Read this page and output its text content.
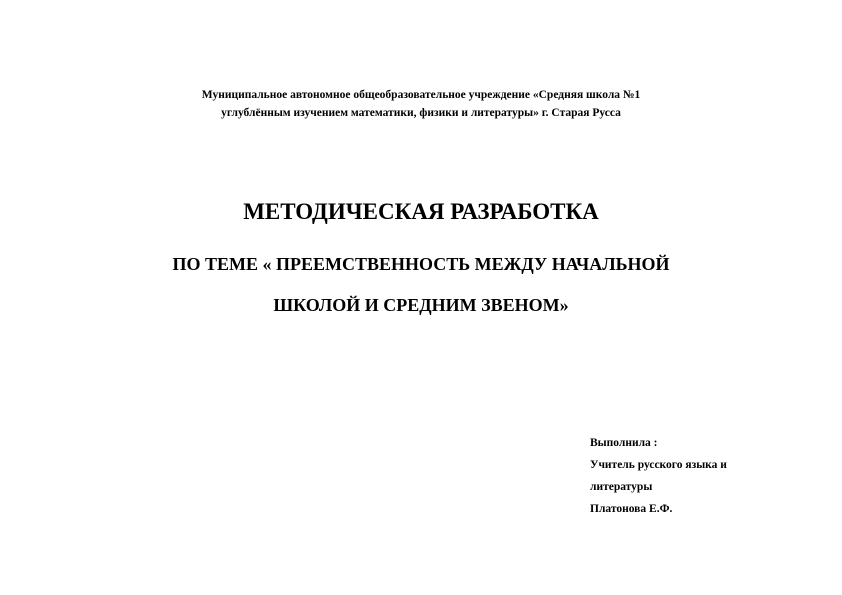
Муниципальное автономное общеобразовательное учреждение «Средняя школа №1
углублённым изучением математики, физики и литературы» г. Старая Русса
МЕТОДИЧЕСКАЯ РАЗРАБОТКА
ПО ТЕМЕ « ПРЕЕМСТВЕННОСТЬ МЕЖДУ НАЧАЛЬНОЙ
ШКОЛОЙ И СРЕДНИМ ЗВЕНОМ»
Выполнила :
Учитель русского языка и
литературы
Платонова Е.Ф.
